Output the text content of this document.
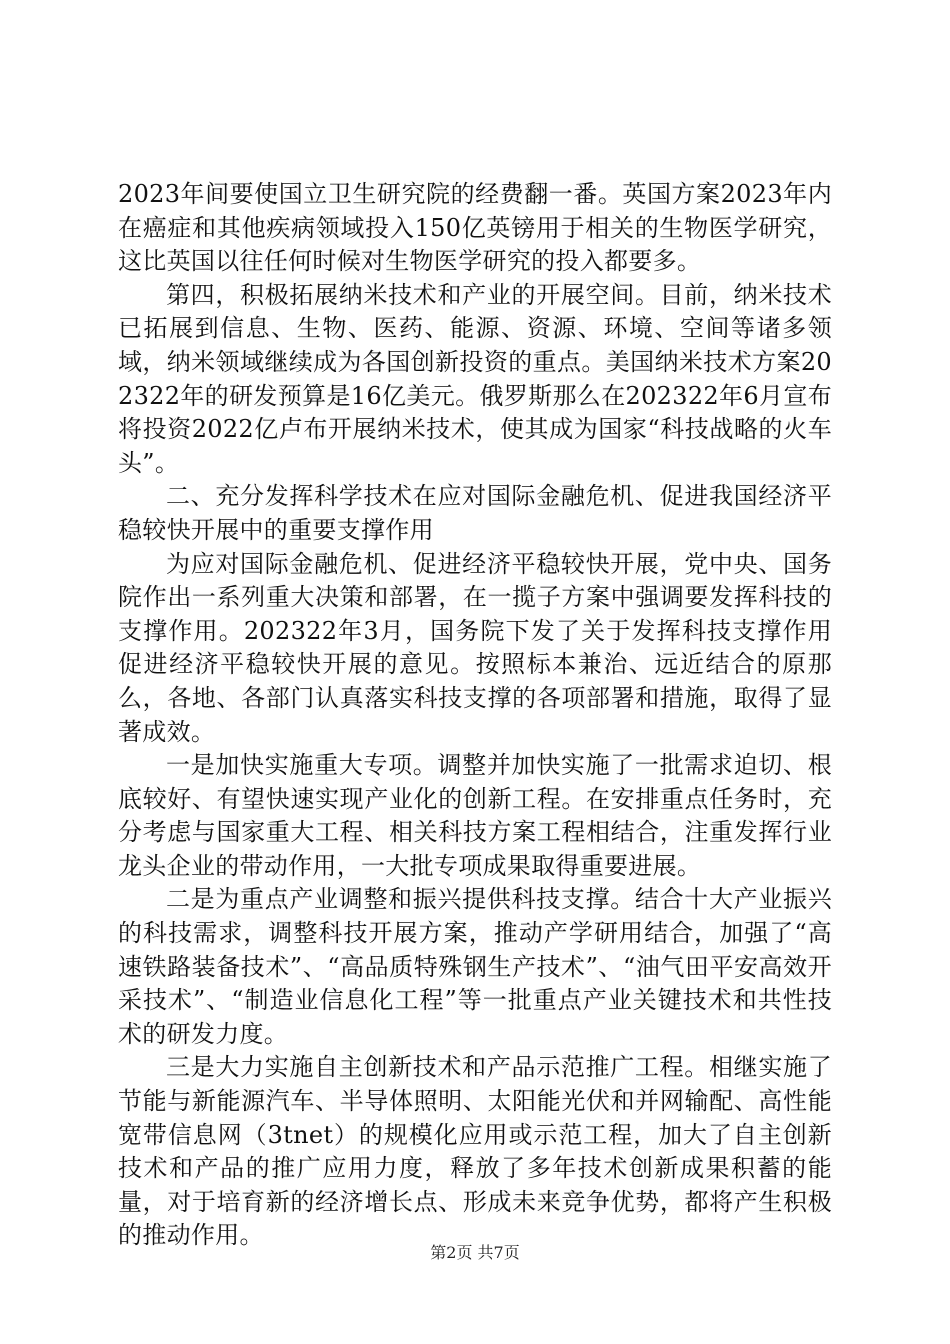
2023年间要使国立卫生研究院的经费翻一番。英国方案2023年内在癌症和其他疾病领域投入150亿英镑用于相关的生物医学研究，这比英国以往任何时候对生物医学研究的投入都要多。

第四，积极拓展纳米技术和产业的开展空间。目前，纳米技术已拓展到信息、生物、医药、能源、资源、环境、空间等诸多领域，纳米领域继续成为各国创新投资的重点。美国纳米技术方案202322年的研发预算是16亿美元。俄罗斯那么在202322年6月宣布将投资2022亿卢布开展纳米技术，使其成为国家“科技战略的火车头”。

二、充分发挥科学技术在应对国际金融危机、促进我国经济平稳较快开展中的重要支撑作用

为应对国际金融危机、促进经济平稳较快开展，党中央、国务院作出一系列重大决策和部署，在一揽子方案中强调要发挥科技的支撑作用。202322年3月，国务院下发了关于发挥科技支撑作用促进经济平稳较快开展的意见。按照标本兼治、远近结合的原那么，各地、各部门认真落实科技支撑的各项部署和措施，取得了显著成效。

一是加快实施重大专项。调整并加快实施了一批需求迫切、根底较好、有望快速实现产业化的创新工程。在安排重点任务时，充分考虑与国家重大工程、相关科技方案工程相结合，注重发挥行业龙头企业的带动作用，一大批专项成果取得重要进展。

二是为重点产业调整和振兴提供科技支撑。结合十大产业振兴的科技需求，调整科技开展方案，推动产学研用结合，加强了“高速铁路装备技术”、“高品质特殊钢生产技术”、“油气田平安高效开采技术”、“制造业信息化工程”等一批重点产业关键技术和共性技术的研发力度。

三是大力实施自主创新技术和产品示范推广工程。相继实施了节能与新能源汽车、半导体照明、太阳能光伏和并网输配、高性能宽带信息网（3tnet）的规模化应用或示范工程，加大了自主创新技术和产品的推广应用力度，释放了多年技术创新成果积蓄的能量，对于培育新的经济增长点、形成未来竞争优势，都将产生积极的推动作用。

第2页 共7页
